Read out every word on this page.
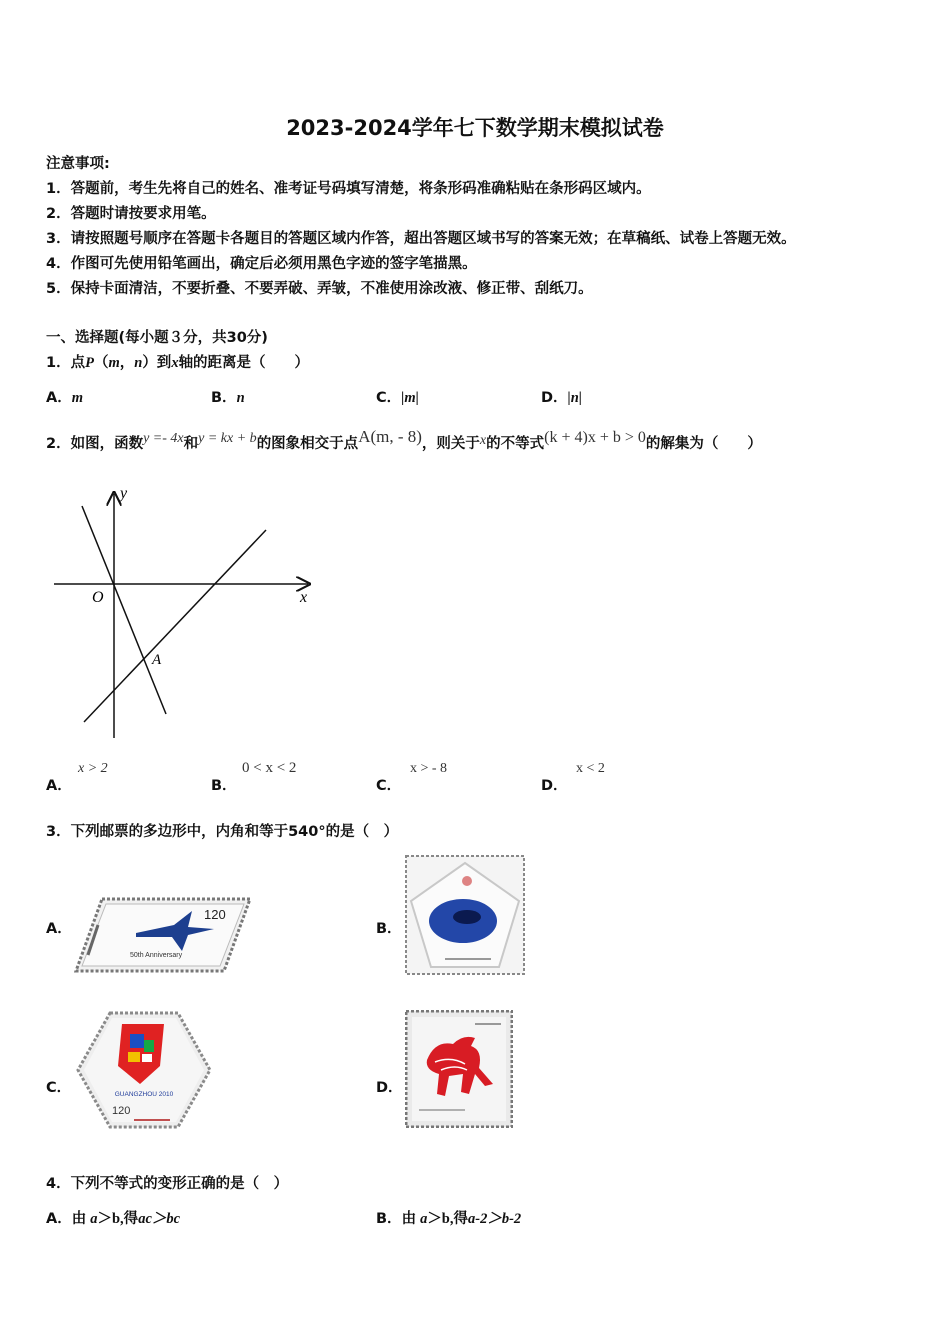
2023-2024学年七下数学期末模拟试卷
注意事项:
1．答题前，考生先将自己的姓名、准考证号码填写清楚，将条形码准确粘贴在条形码区域内。
2．答题时请按要求用笔。
3．请按照题号顺序在答题卡各题目的答题区域内作答，超出答题区域书写的答案无效；在草稿纸、试卷上答题无效。
4．作图可先使用铅笔画出，确定后必须用黑色字迹的签字笔描黑。
5．保持卡面清洁，不要折叠、不要弄破、弄皱，不准使用涂改液、修正带、刮纸刀。
一、选择题(每小题３分，共30分)
1．点P（m，n）到x轴的距离是（　　）
A．m	B．n	C．|m|	D．|n|
2．如图，函数y =- 4x和y = kx + b的图象相交于点A(m, - 8)，则关于x的不等式(k + 4)x + b > 0的解集为（　　）
y
x
O
A
A．
x > 2
B．
0 < x < 2
C．
x > - 8
D．
x < 2
3．下列邮票的多边形中，内角和等于540°的是（　）
A．
120
50th Anniversary
B．
C．	GUANGZHOU 2010
120
D．
4．下列不等式的变形正确的是（　）
A．由 a＞b,得ac＞bc	B．由 a＞b,得a-2＞b-2
